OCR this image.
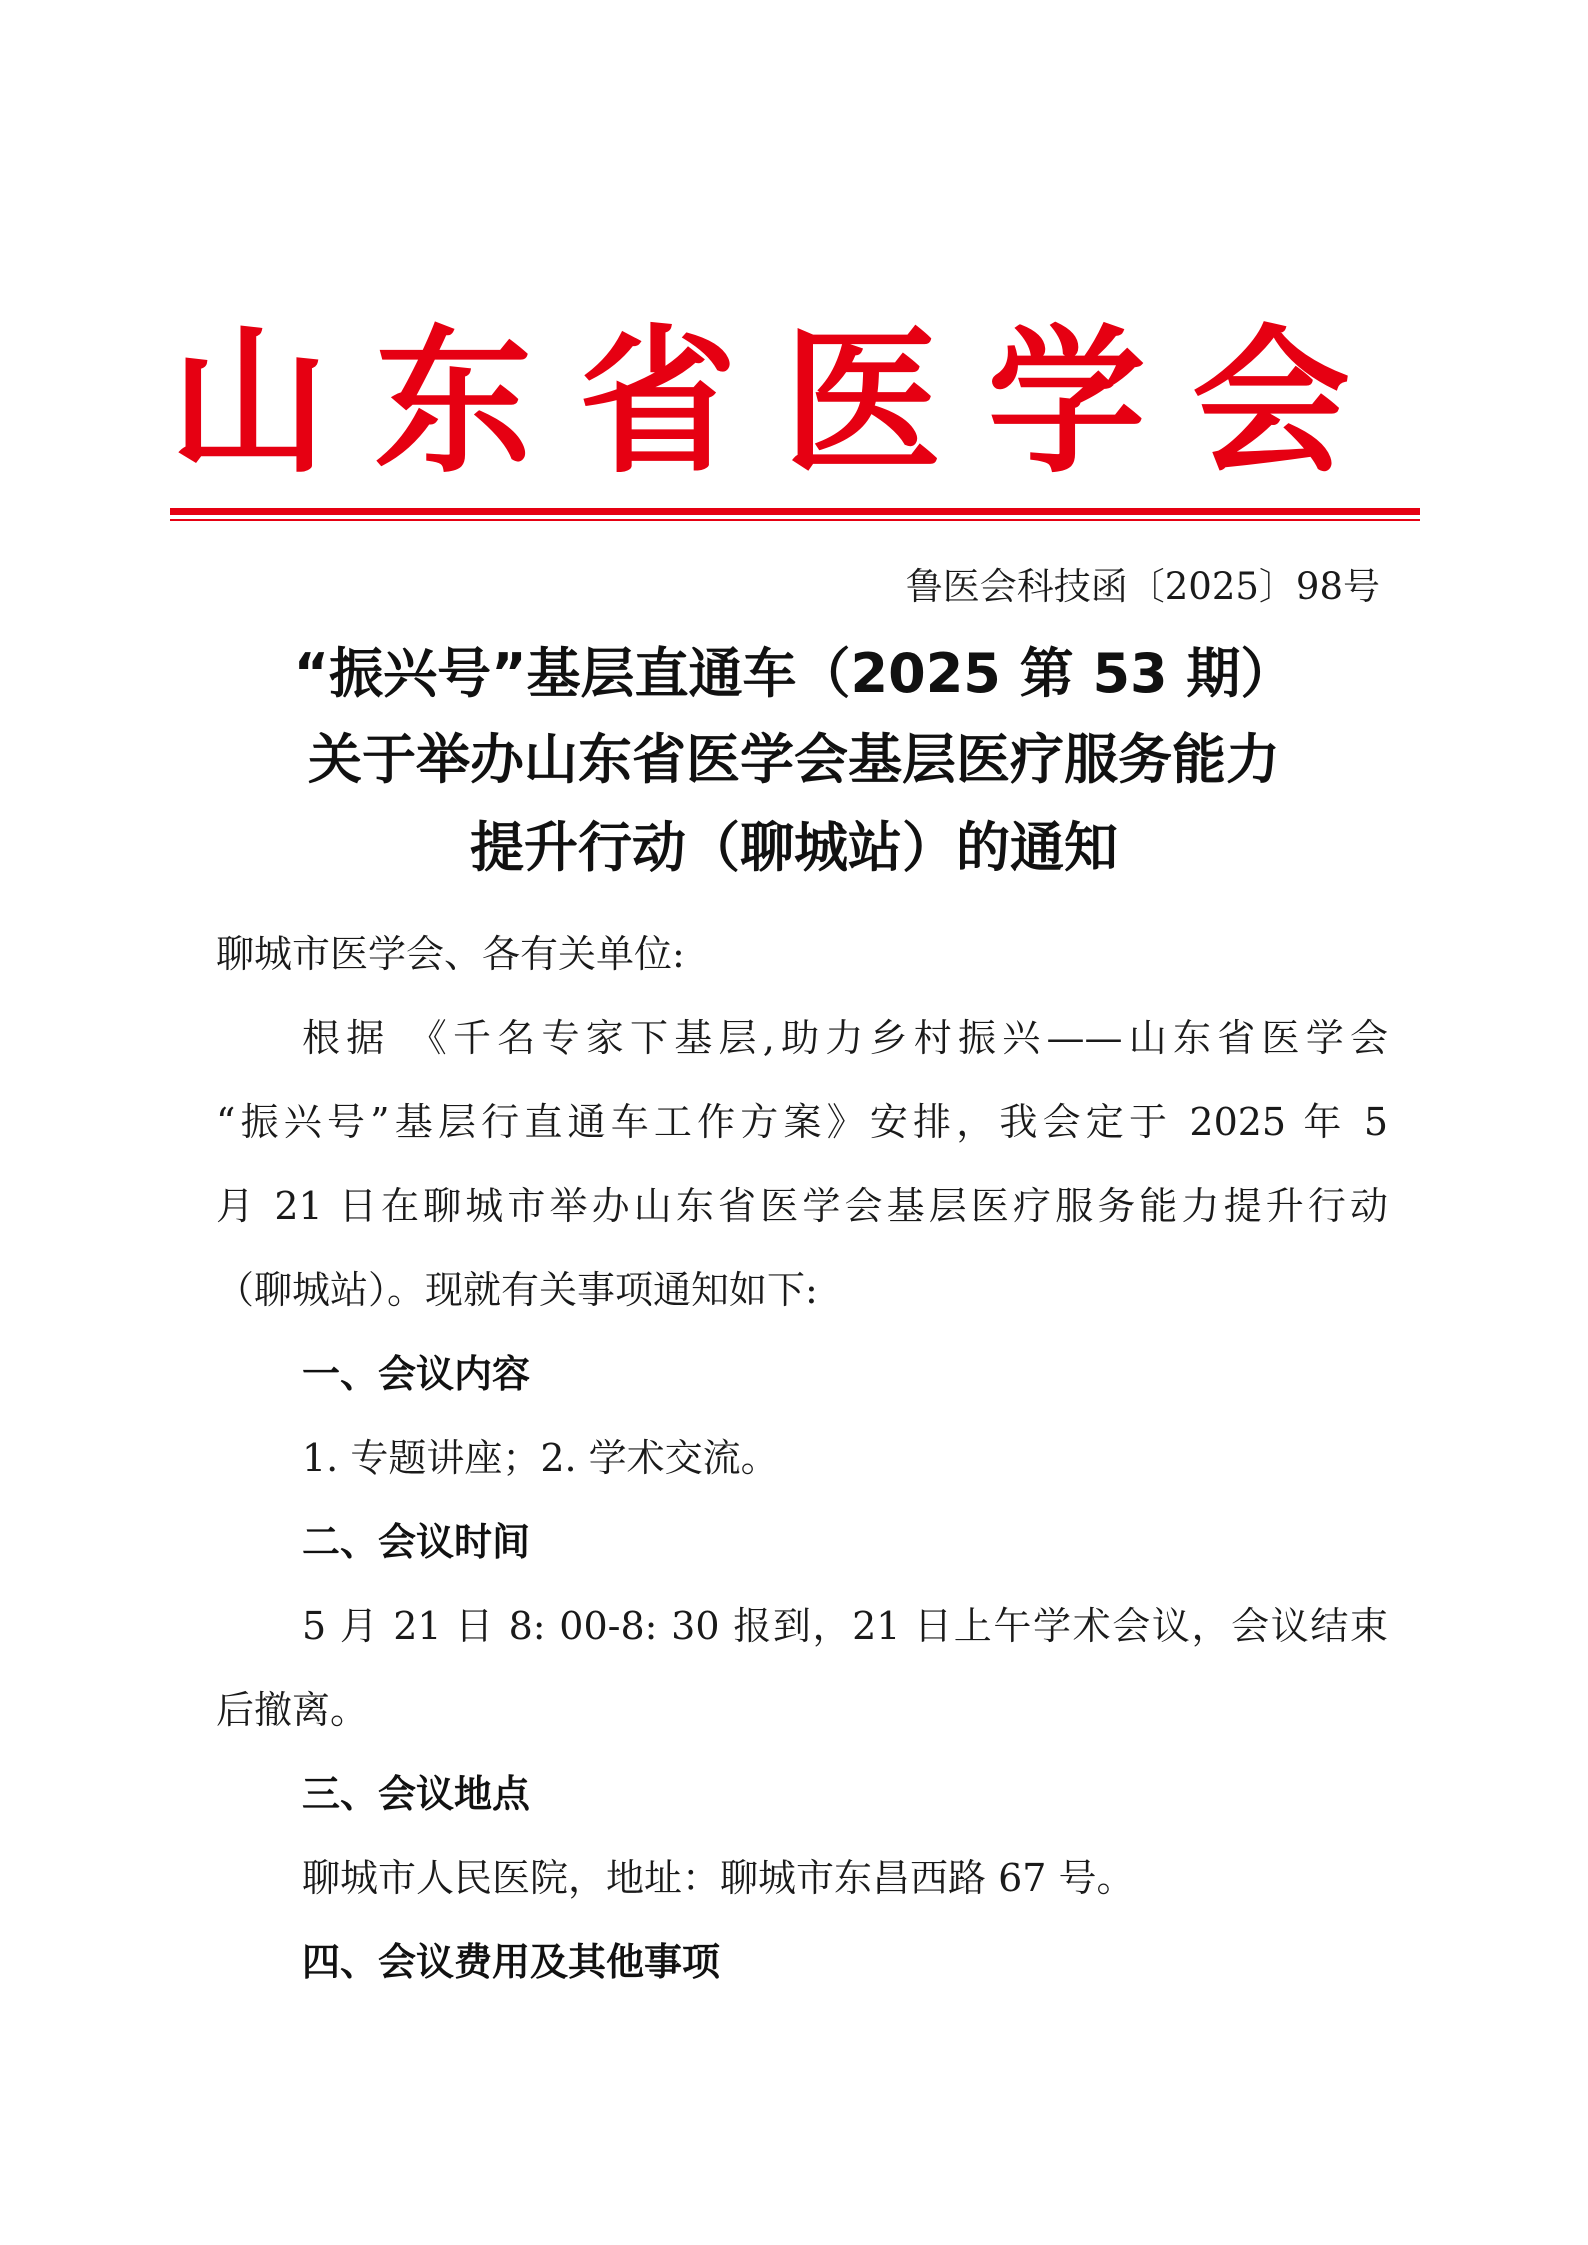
山 东 省 医 学 会
鲁医会科技函〔2025〕98号
“振兴号”基层直通车（2025 第 53 期）
关于举办山东省医学会基层医疗服务能力
提升行动（聊城站）的通知
聊城市医学会、各有关单位:
根据 《千名专家下基层,助力乡村振兴——山东省医学会
“振兴号”基层行直通车工作方案》安排，我会定于 2025 年 5
月 21 日在聊城市举办山东省医学会基层医疗服务能力提升行动
（聊城站）。现就有关事项通知如下:
一、会议内容
1. 专题讲座；2. 学术交流。
二、会议时间
5 月 21 日 8: 00-8: 30 报到，21 日上午学术会议，会议结束
后撤离。
三、会议地点
聊城市人民医院，地址：聊城市东昌西路 67 号。
四、会议费用及其他事项
